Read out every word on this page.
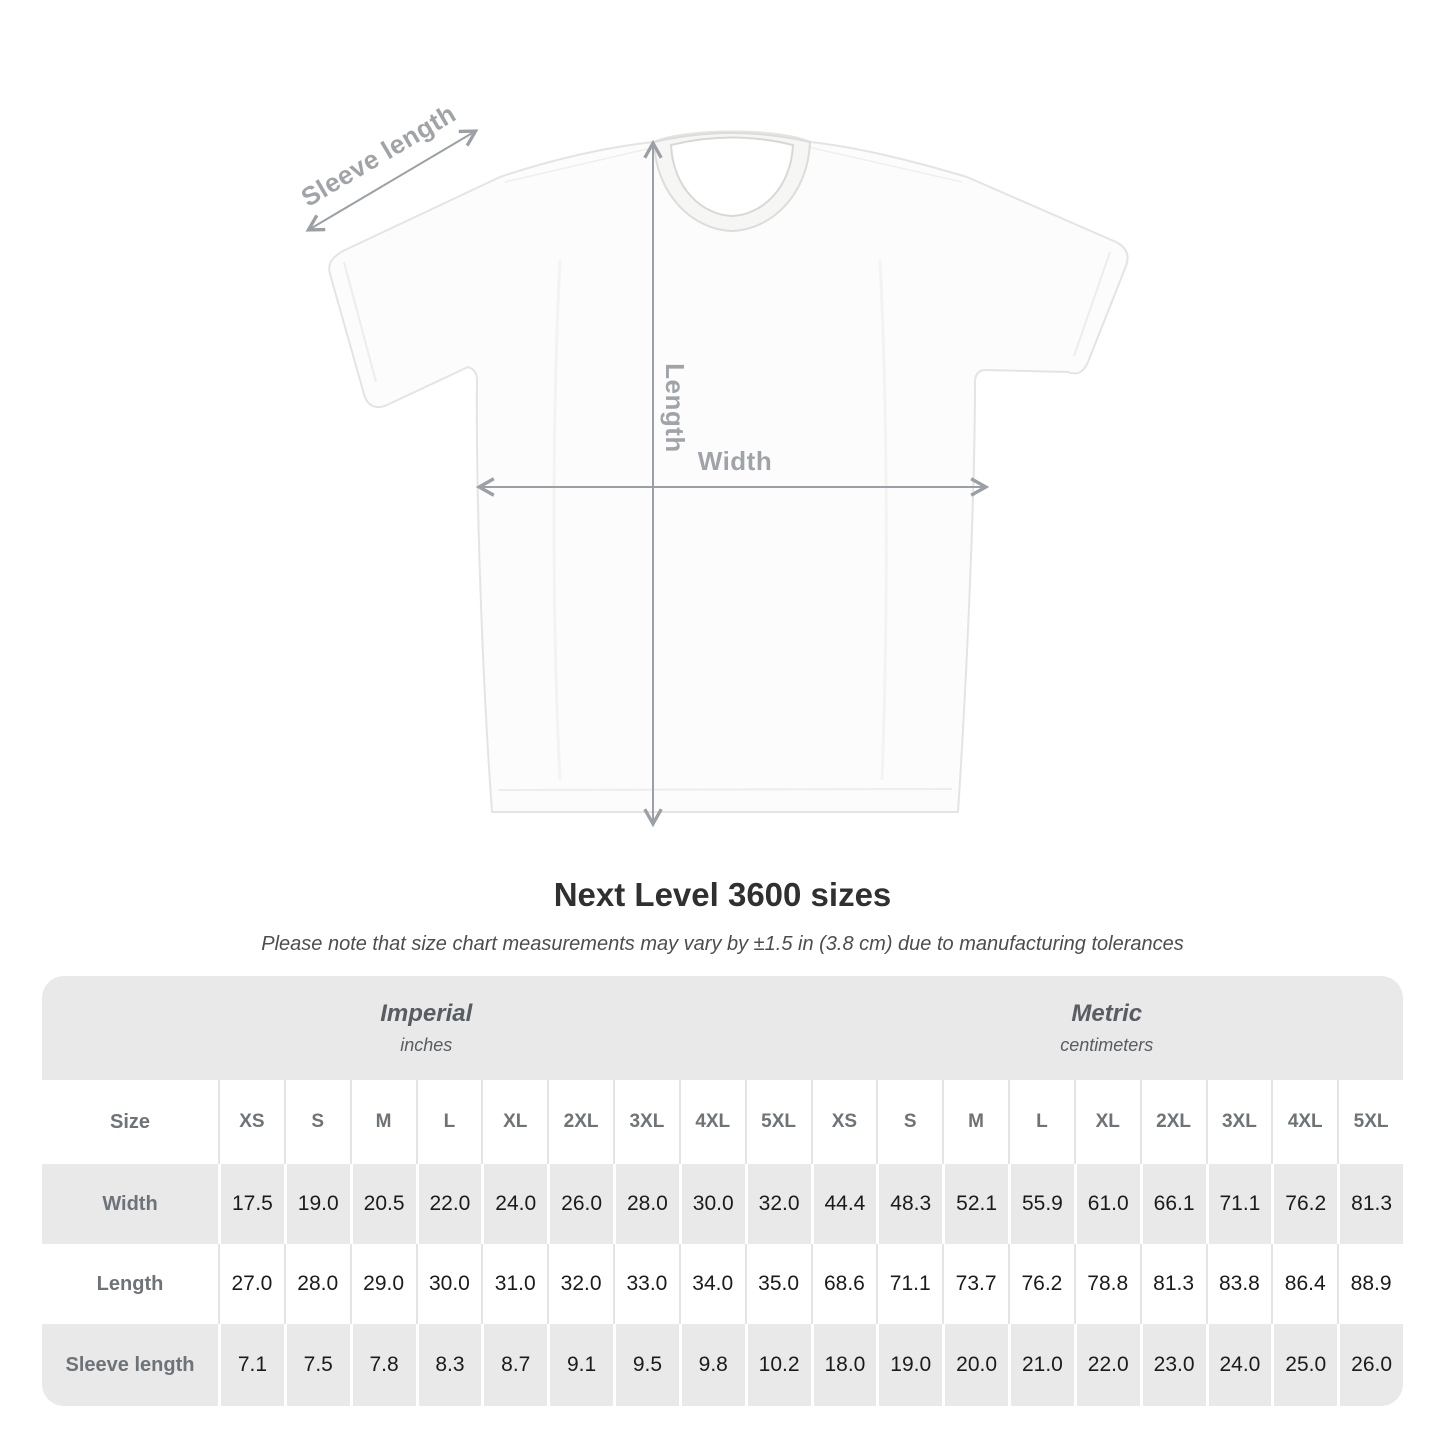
Sleeve length
Length
Width
Next Level 3600 sizes

Please note that size chart measurements may vary by ±1.5 in (3.8 cm) due to manufacturing tolerances

Imperial
inches
Metric
centimeters
Size	XS	S	M	L	XL	2XL	3XL	4XL	5XL	XS	S	M	L	XL	2XL	3XL	4XL	5XL
Width	17.5	19.0	20.5	22.0	24.0	26.0	28.0	30.0	32.0	44.4	48.3	52.1	55.9	61.0	66.1	71.1	76.2	81.3
Length	27.0	28.0	29.0	30.0	31.0	32.0	33.0	34.0	35.0	68.6	71.1	73.7	76.2	78.8	81.3	83.8	86.4	88.9
Sleeve length	7.1	7.5	7.8	8.3	8.7	9.1	9.5	9.8	10.2	18.0	19.0	20.0	21.0	22.0	23.0	24.0	25.0	26.0
